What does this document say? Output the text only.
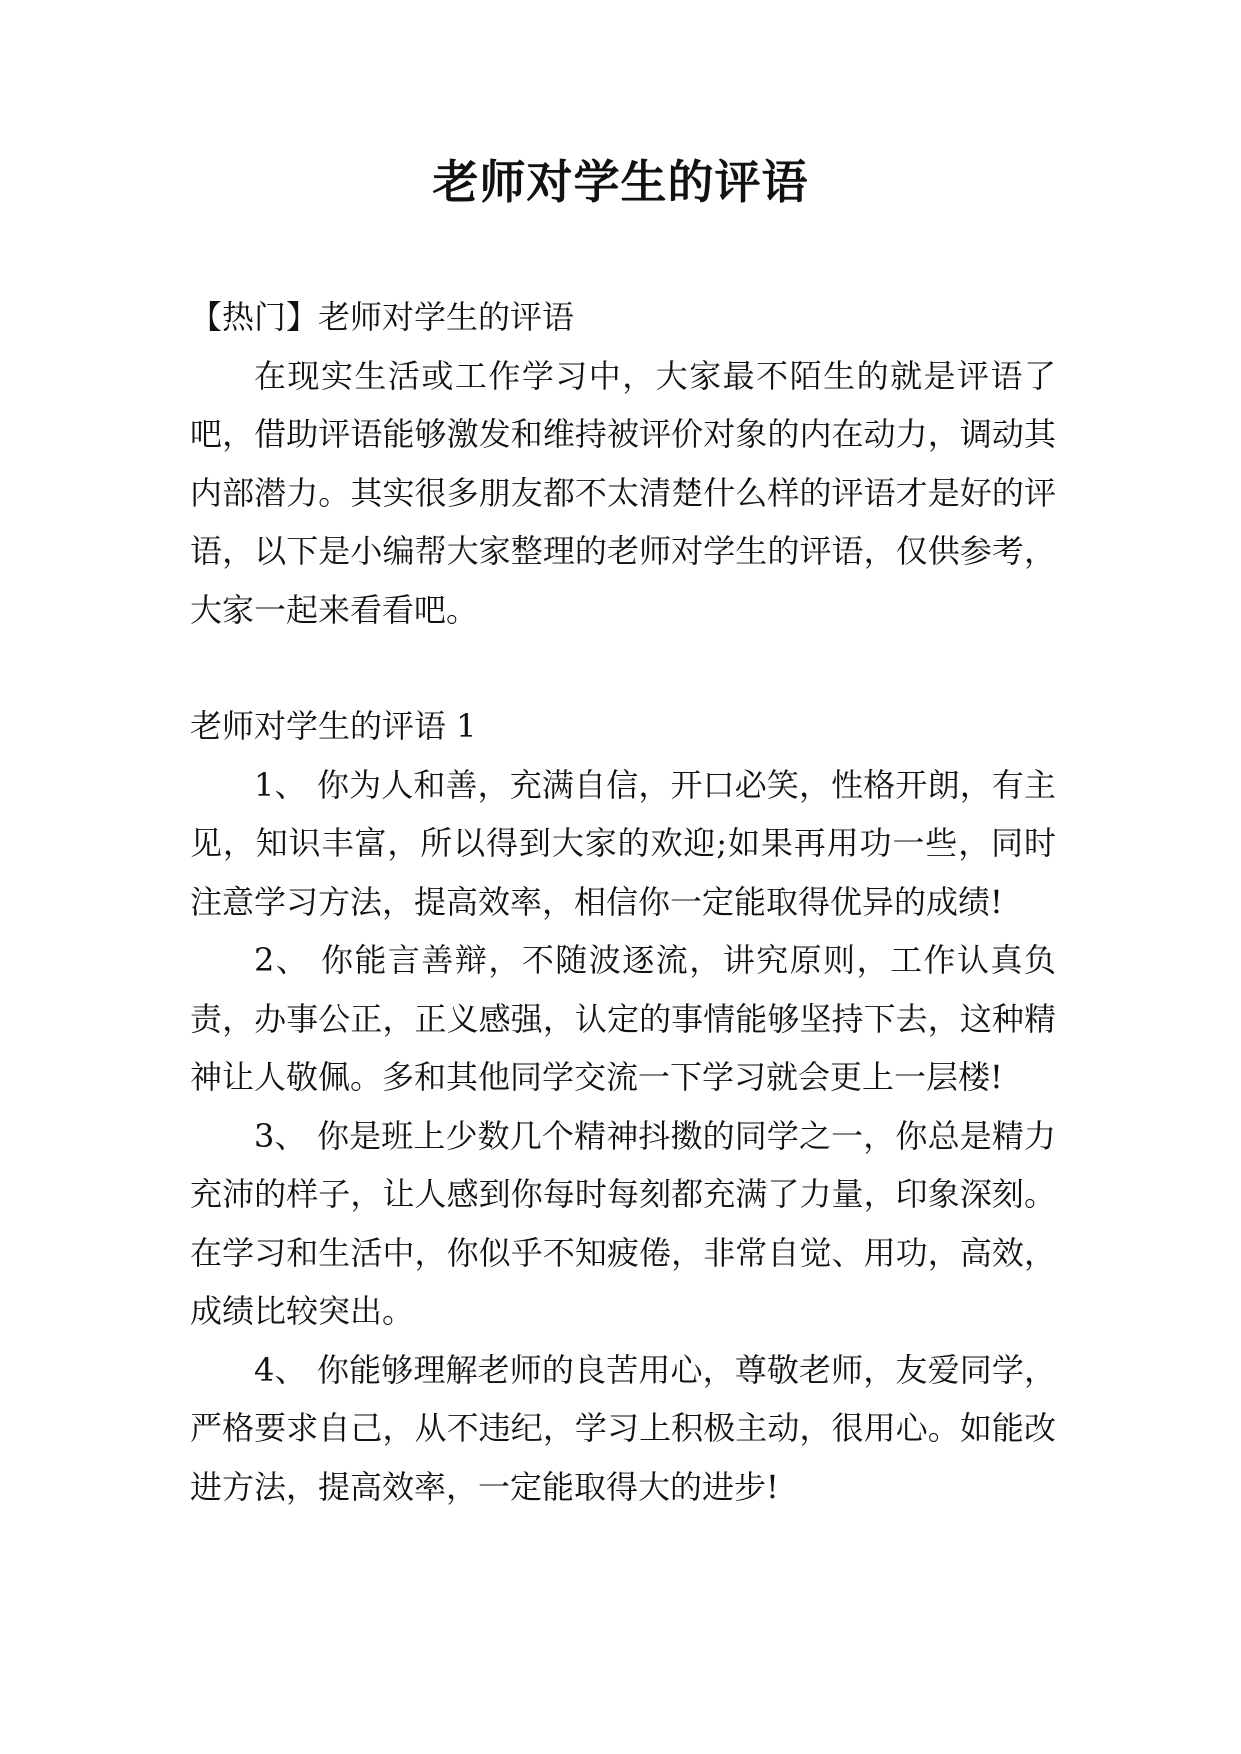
老师对学生的评语

【热门】老师对学生的评语

在现实生活或工作学习中，大家最不陌生的就是评语了吧，借助评语能够激发和维持被评价对象的内在动力，调动其内部潜力。其实很多朋友都不太清楚什么样的评语才是好的评语，以下是小编帮大家整理的老师对学生的评语，仅供参考，大家一起来看看吧。

老师对学生的评语 1

1、 你为人和善，充满自信，开口必笑，性格开朗，有主见，知识丰富，所以得到大家的欢迎;如果再用功一些，同时注意学习方法，提高效率，相信你一定能取得优异的成绩!

2、 你能言善辩，不随波逐流，讲究原则，工作认真负责，办事公正，正义感强，认定的事情能够坚持下去，这种精神让人敬佩。多和其他同学交流一下学习就会更上一层楼!

3、 你是班上少数几个精神抖擞的同学之一，你总是精力充沛的样子，让人感到你每时每刻都充满了力量，印象深刻。在学习和生活中，你似乎不知疲倦，非常自觉、用功，高效，成绩比较突出。

4、 你能够理解老师的良苦用心，尊敬老师，友爱同学，严格要求自己，从不违纪，学习上积极主动，很用心。如能改进方法，提高效率，一定能取得大的进步!
